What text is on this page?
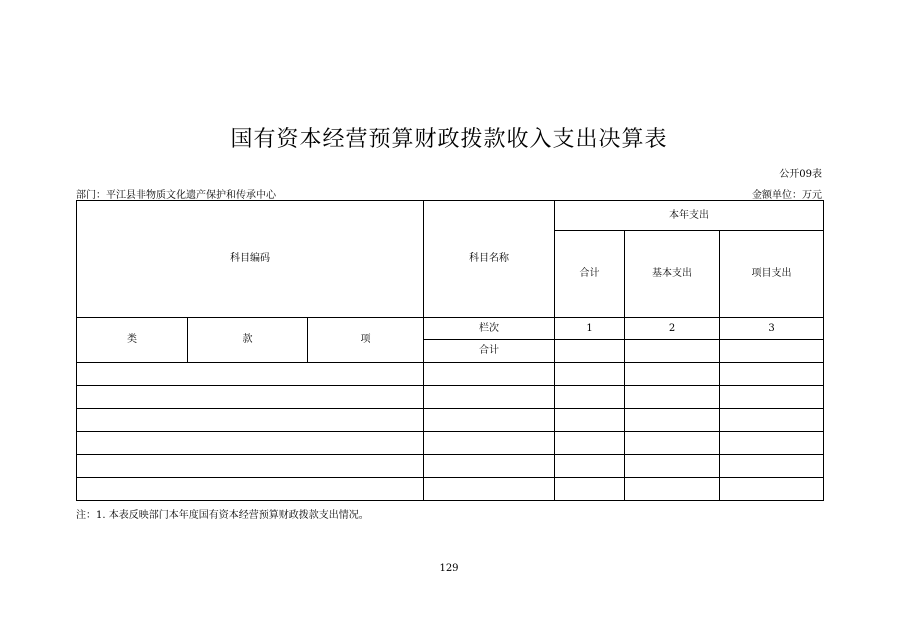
国有资本经营预算财政拨款收入支出决算表
公开09表
部门：平江县非物质文化遗产保护和传承中心	金额单位：万元
科目编码			科目名称	本年支出		
				合计	基本支出	项目支出
类	款	项	栏次	1	2	3
			合计			

注：1. 本表反映部门本年度国有资本经营预算财政拨款支出情况。
129
